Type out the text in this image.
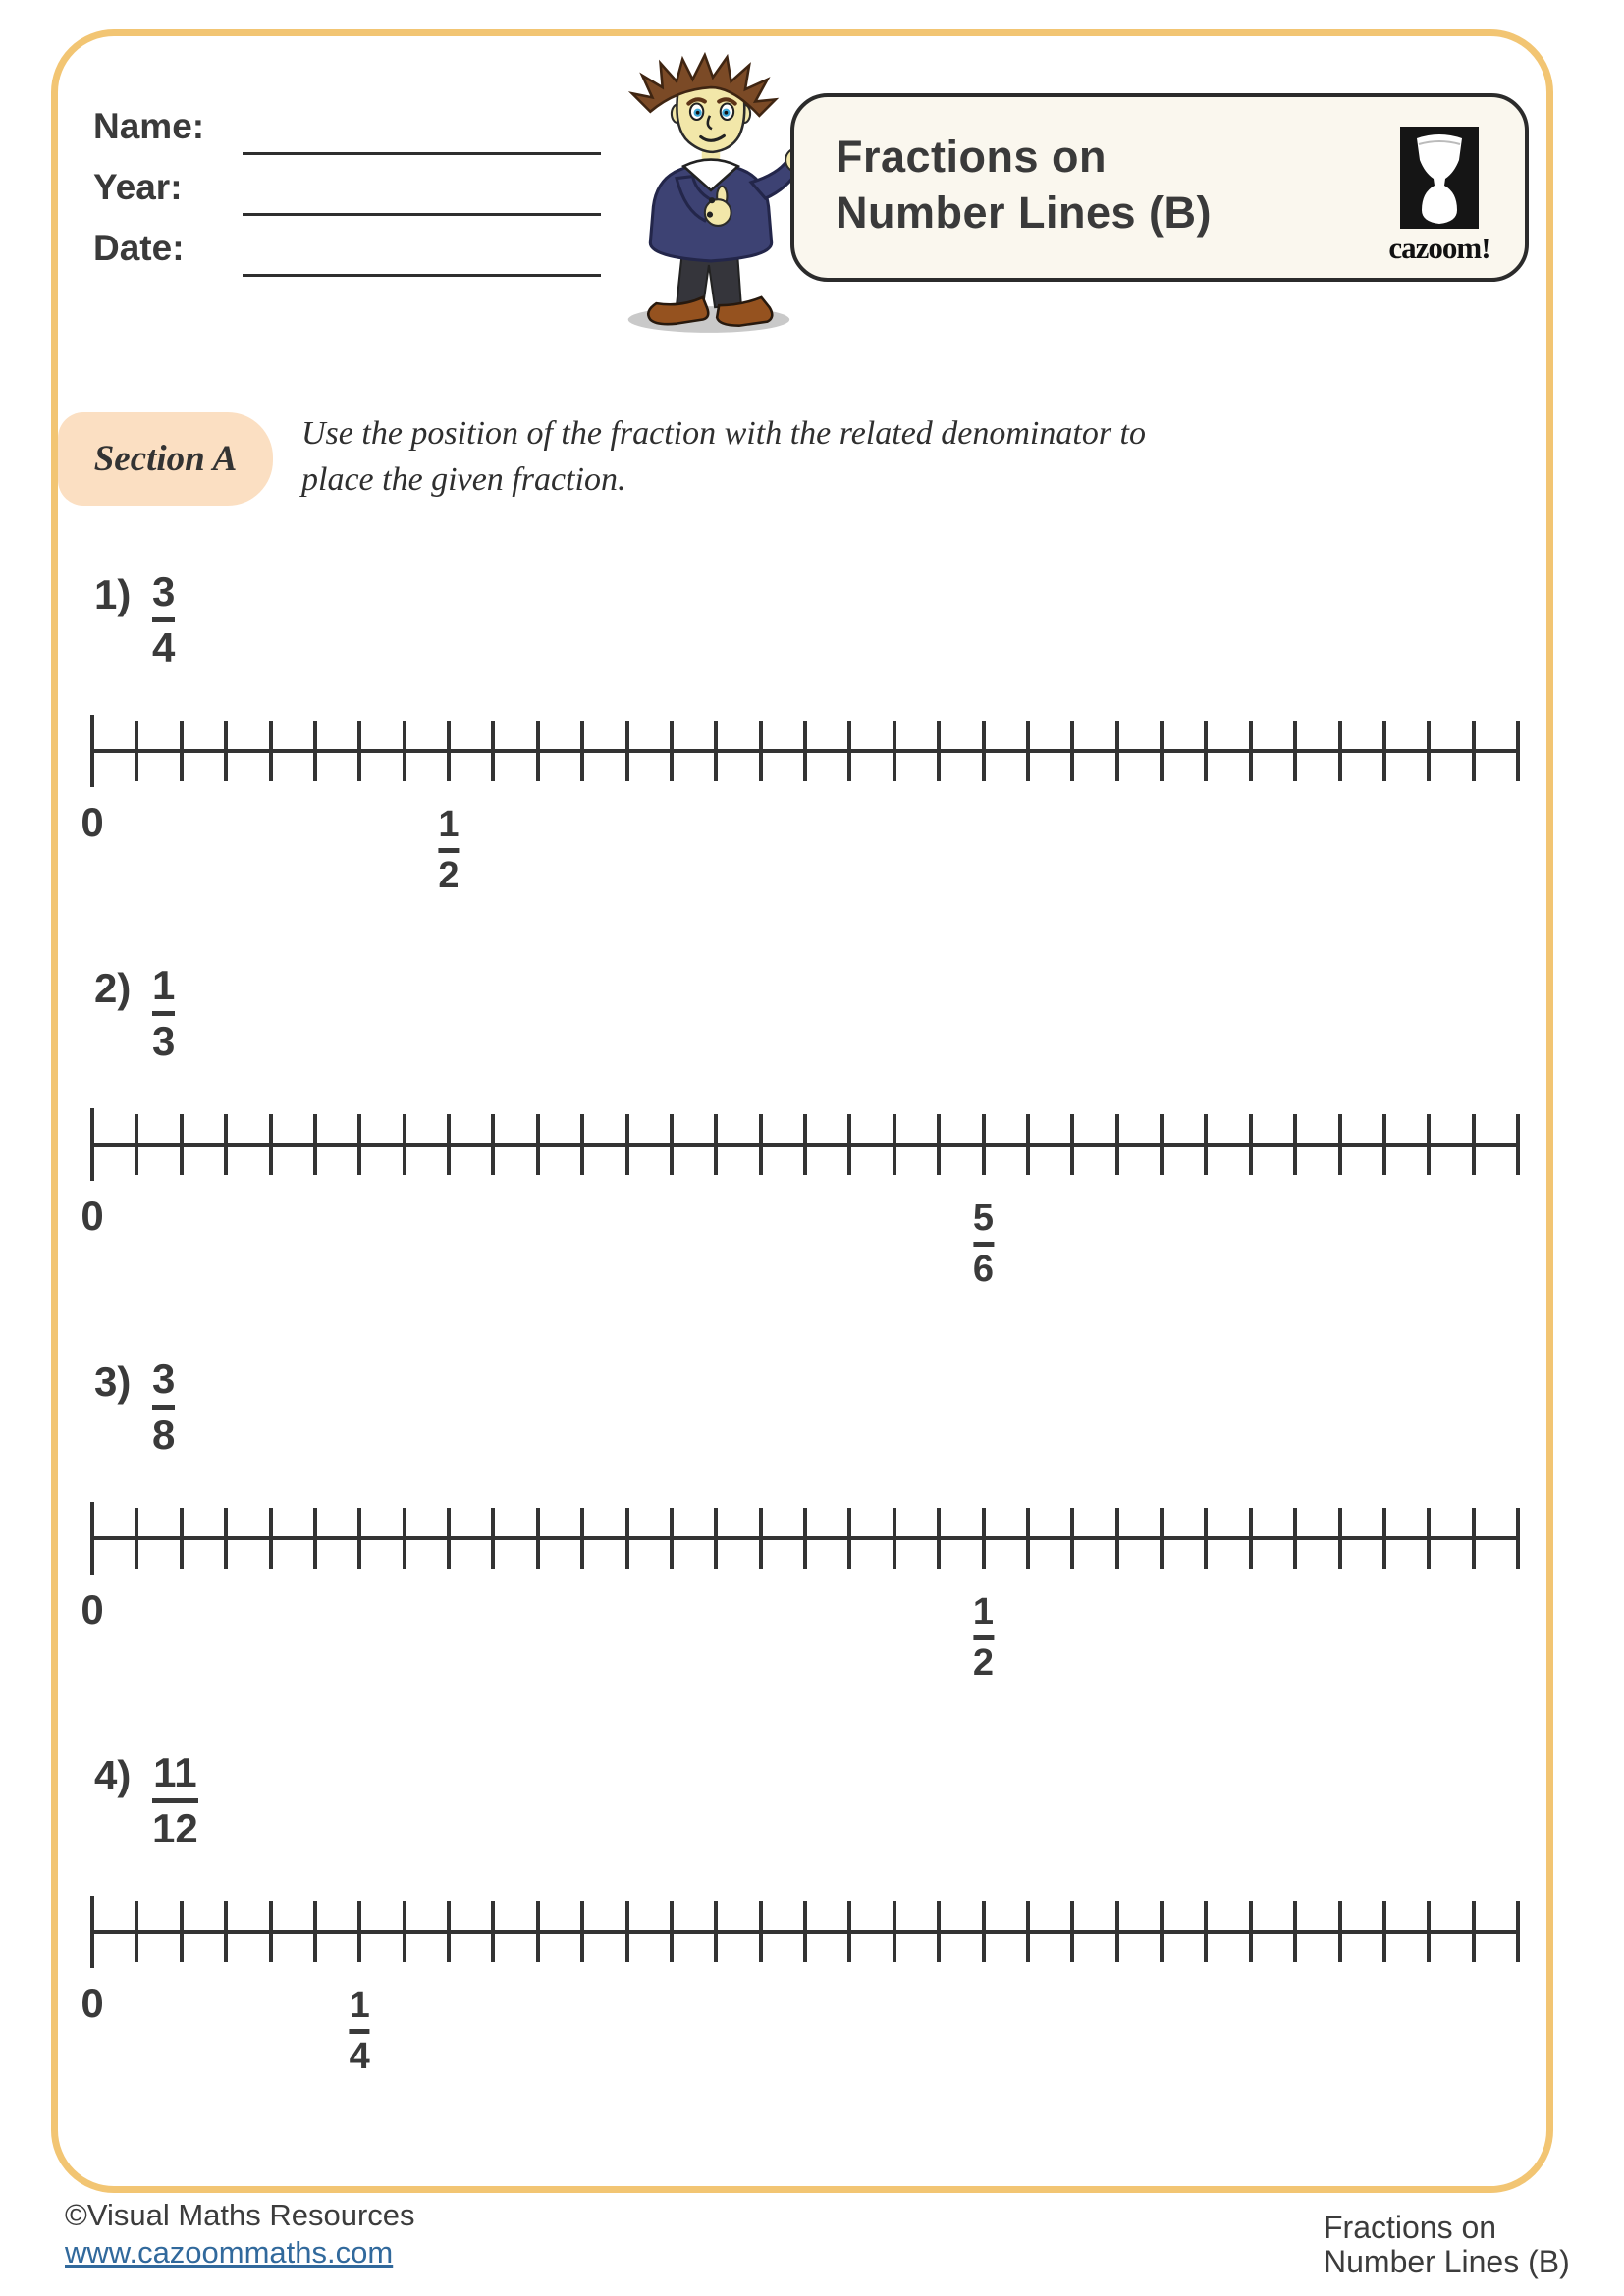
Name:
Year:
Date:
Fractions on
Number Lines (B)
cazoom!
Section A
Use the position of the fraction with the related denominator to
place the given fraction.
1) 3
4
0	1
2
2) 1
3
0	5
6
3) 3
8
0	1
2
4) 11
12
0	1
4
©Visual Maths Resources
www.cazoommaths.com
Fractions on
Number Lines (B)
